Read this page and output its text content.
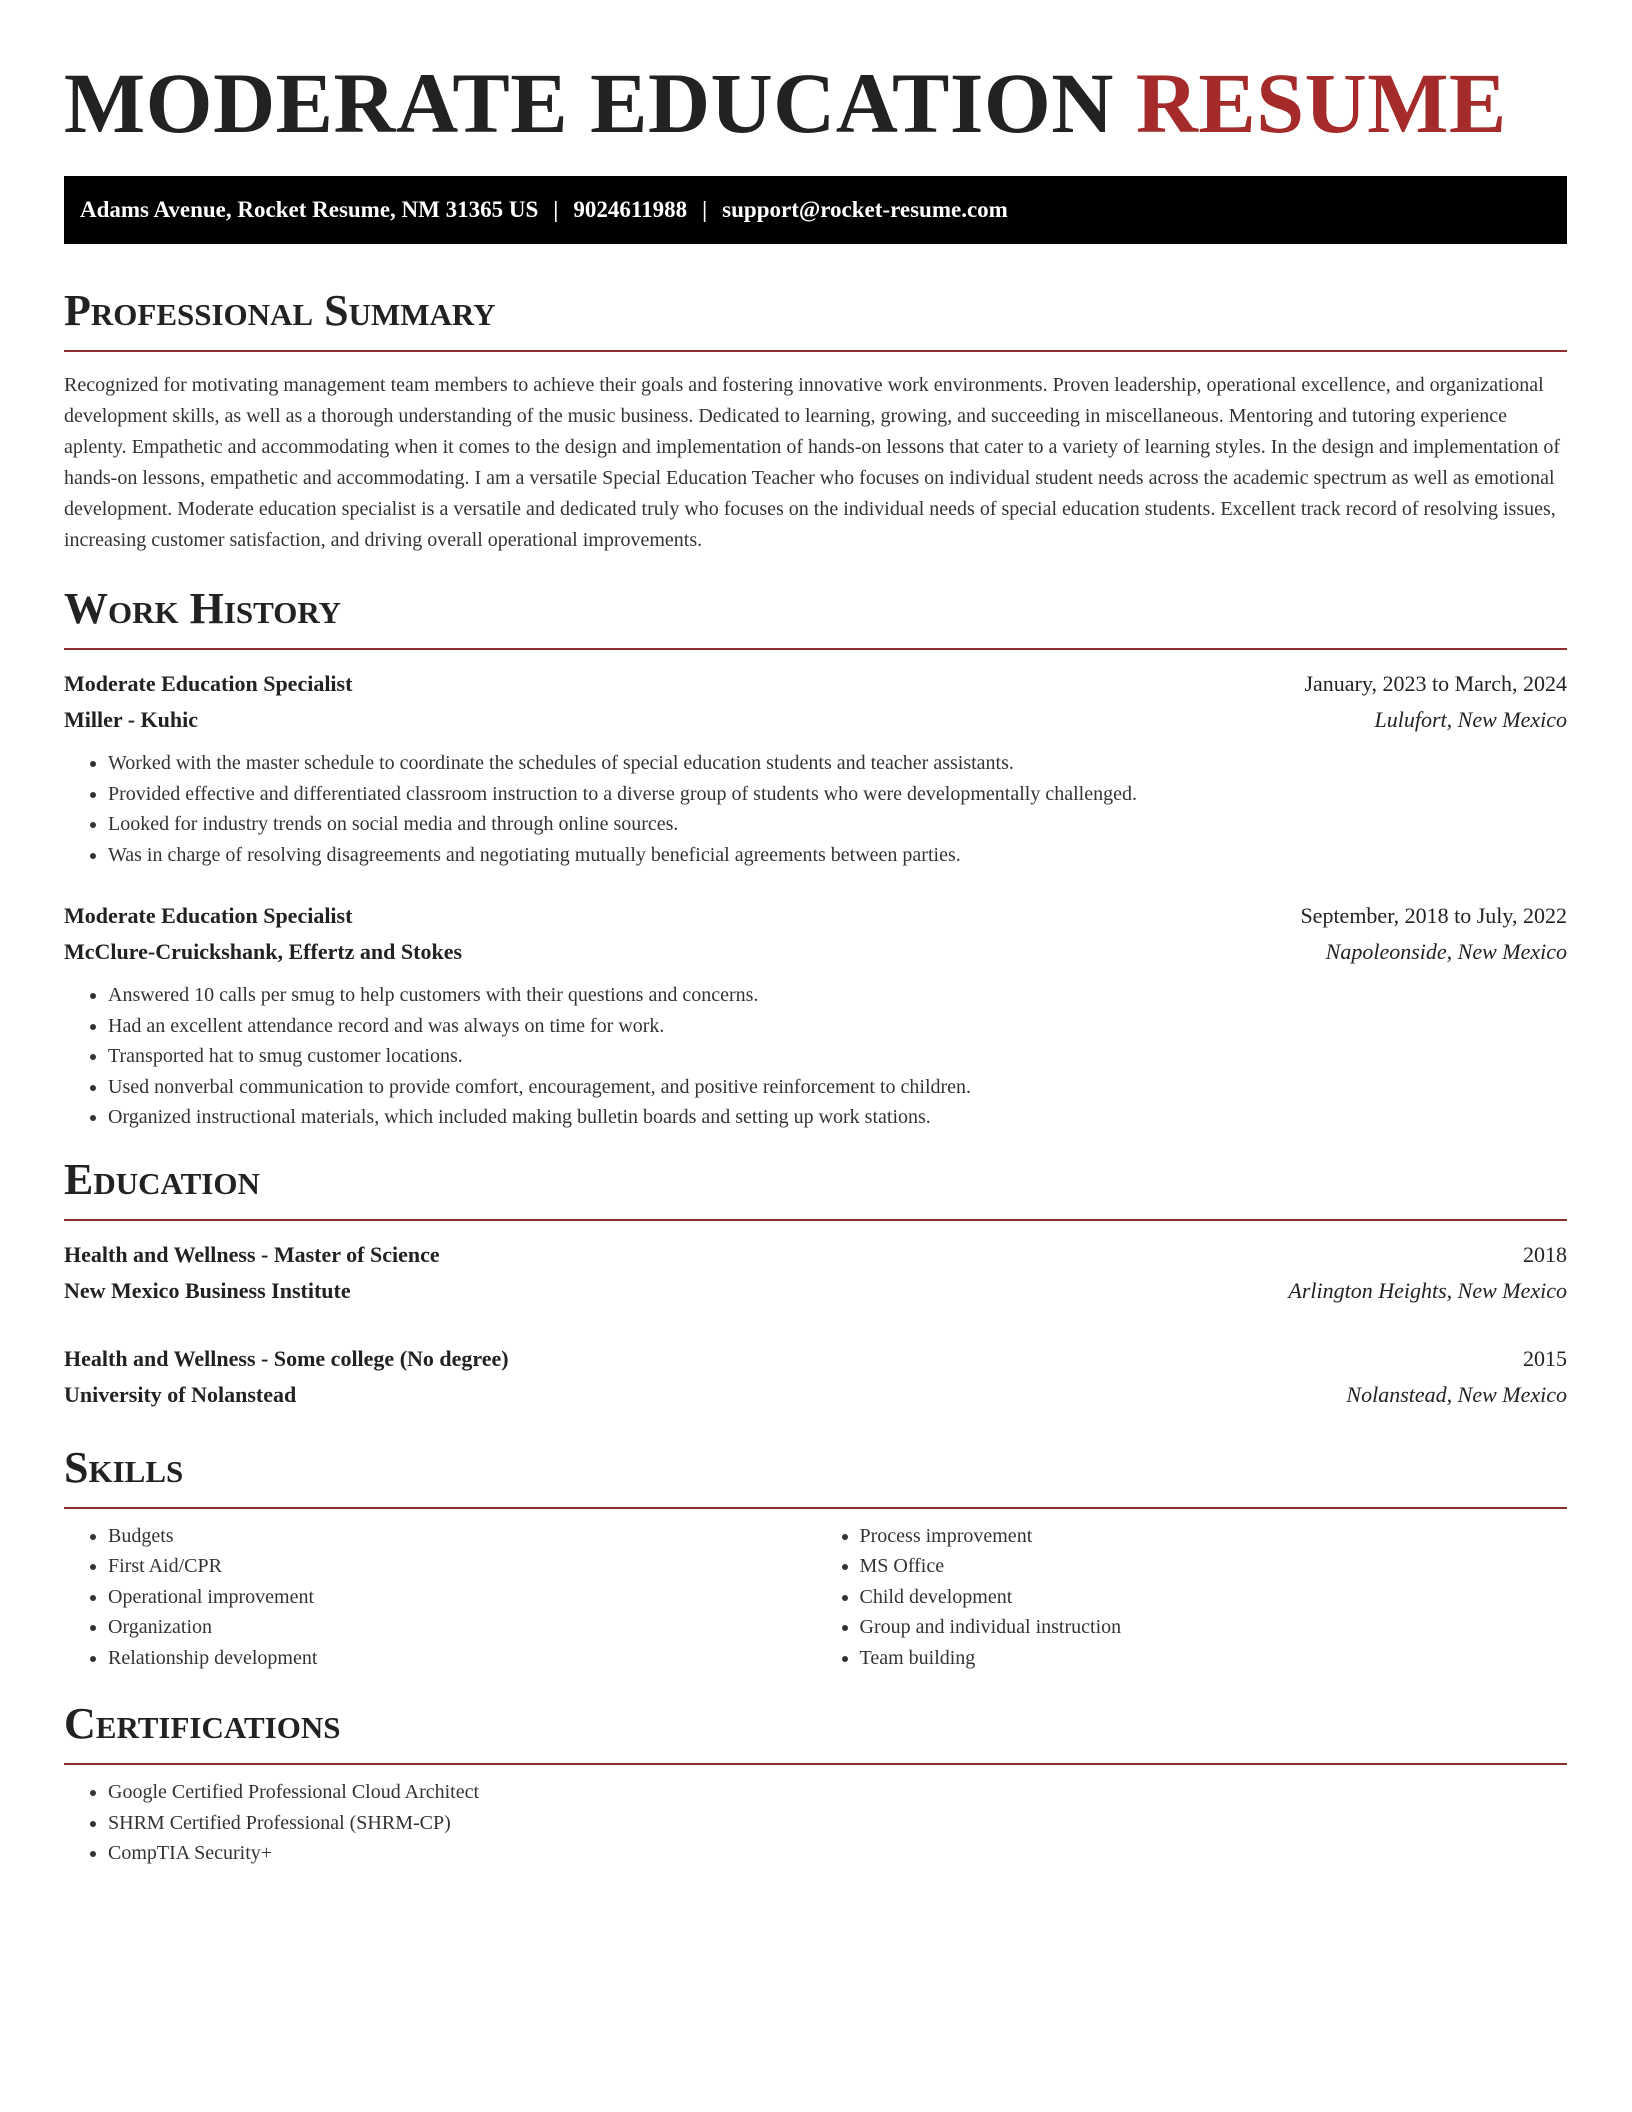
MODERATE EDUCATION RESUME
Adams Avenue, Rocket Resume, NM 31365 US | 9024611988 | support@rocket-resume.com
Professional Summary

Recognized for motivating management team members to achieve their goals and fostering innovative work environments. Proven leadership, operational excellence, and organizational development skills, as well as a thorough understanding of the music business. Dedicated to learning, growing, and succeeding in miscellaneous. Mentoring and tutoring experience aplenty. Empathetic and accommodating when it comes to the design and implementation of hands-on lessons that cater to a variety of learning styles. In the design and implementation of hands-on lessons, empathetic and accommodating. I am a versatile Special Education Teacher who focuses on individual student needs across the academic spectrum as well as emotional development. Moderate education specialist is a versatile and dedicated truly who focuses on the individual needs of special education students. Excellent track record of resolving issues, increasing customer satisfaction, and driving overall operational improvements.

Work History
Moderate Education Specialist	January, 2023 to March, 2024
Miller - Kuhic	Lulufort, New Mexico
• Worked with the master schedule to coordinate the schedules of special education students and teacher assistants.
• Provided effective and differentiated classroom instruction to a diverse group of students who were developmentally challenged.
• Looked for industry trends on social media and through online sources.
• Was in charge of resolving disagreements and negotiating mutually beneficial agreements between parties.
Moderate Education Specialist	September, 2018 to July, 2022
McClure-Cruickshank, Effertz and Stokes	Napoleonside, New Mexico
• Answered 10 calls per smug to help customers with their questions and concerns.
• Had an excellent attendance record and was always on time for work.
• Transported hat to smug customer locations.
• Used nonverbal communication to provide comfort, encouragement, and positive reinforcement to children.
• Organized instructional materials, which included making bulletin boards and setting up work stations.
Education
Health and Wellness - Master of Science	2018
New Mexico Business Institute	Arlington Heights, New Mexico
Health and Wellness - Some college (No degree)	2015
University of Nolanstead	Nolanstead, New Mexico
Skills
• Budgets
• First Aid/CPR
• Operational improvement
• Organization
• Relationship development
• Process improvement
• MS Office
• Child development
• Group and individual instruction
• Team building
Certifications
• Google Certified Professional Cloud Architect
• SHRM Certified Professional (SHRM-CP)
• CompTIA Security+
